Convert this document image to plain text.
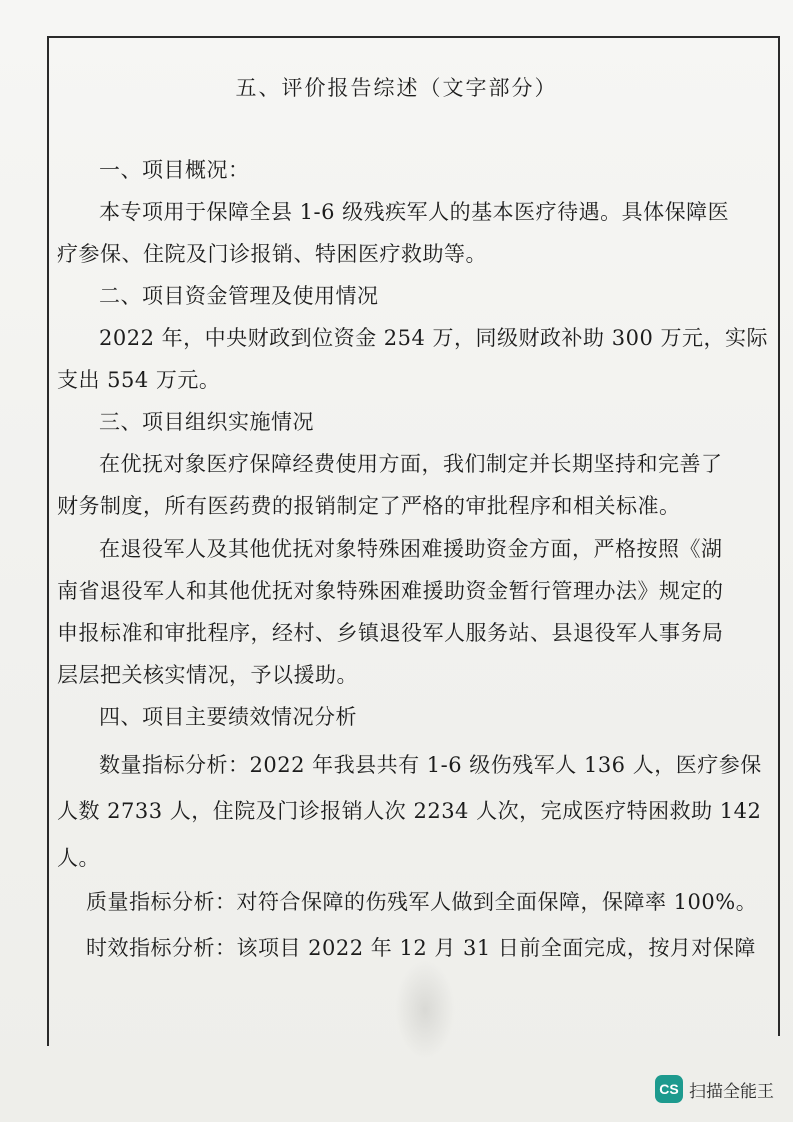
五、评价报告综述（文字部分）
一、项目概况：
本专项用于保障全县 1-6 级残疾军人的基本医疗待遇。具体保障医
疗参保、住院及门诊报销、特困医疗救助等。
二、项目资金管理及使用情况
2022 年，中央财政到位资金 254 万，同级财政补助 300 万元，实际
支出 554 万元。
三、项目组织实施情况
在优抚对象医疗保障经费使用方面，我们制定并长期坚持和完善了
财务制度，所有医药费的报销制定了严格的审批程序和相关标准。
在退役军人及其他优抚对象特殊困难援助资金方面，严格按照《湖
南省退役军人和其他优抚对象特殊困难援助资金暂行管理办法》规定的
申报标准和审批程序，经村、乡镇退役军人服务站、县退役军人事务局
层层把关核实情况，予以援助。
四、项目主要绩效情况分析
数量指标分析：2022 年我县共有 1-6 级伤残军人 136 人，医疗参保
人数 2733 人，住院及门诊报销人次 2234 人次，完成医疗特困救助 142
人。
质量指标分析：对符合保障的伤残军人做到全面保障，保障率 100%。
时效指标分析：该项目 2022 年 12 月 31 日前全面完成，按月对保障
CS 扫描全能王
